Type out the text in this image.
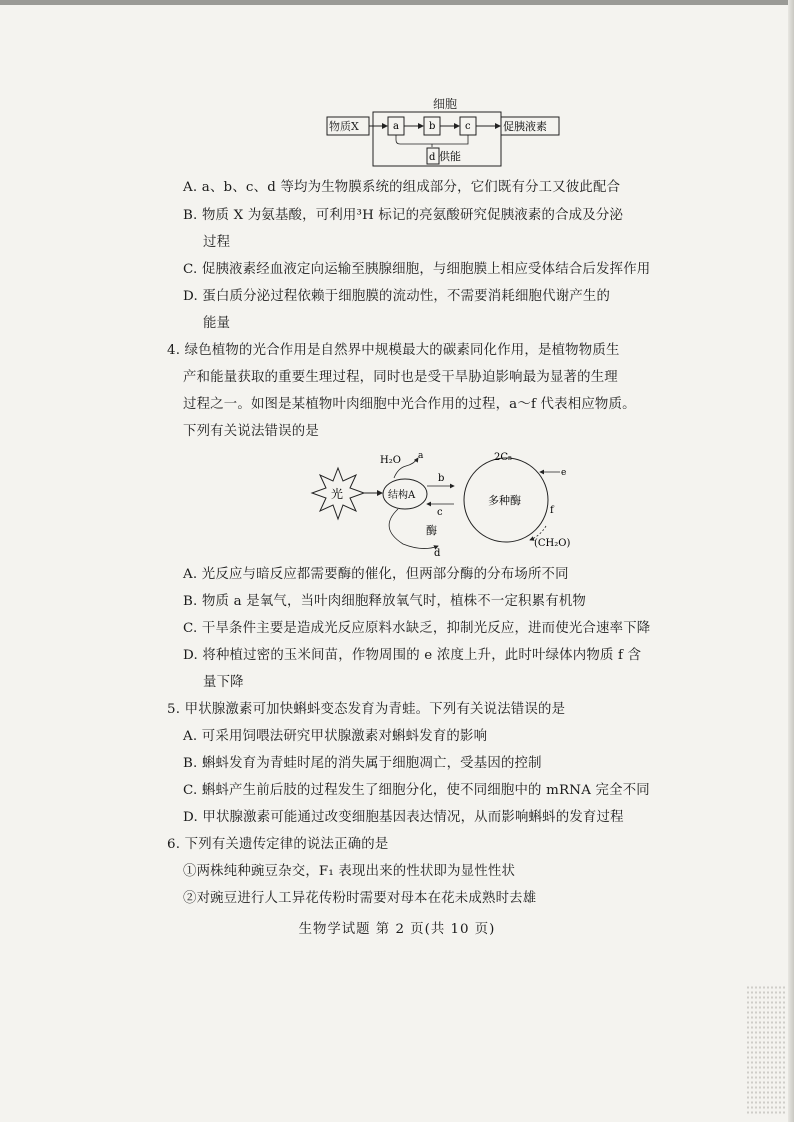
细胞
物质X	a	b	c	促胰液素
d 供能
A. a、b、c、d 等均为生物膜系统的组成部分，它们既有分工又彼此配合
B. 物质 X 为氨基酸，可利用³H 标记的亮氨酸研究促胰液素的合成及分泌
过程
C. 促胰液素经血液定向运输至胰腺细胞，与细胞膜上相应受体结合后发挥作用
D. 蛋白质分泌过程依赖于细胞膜的流动性，不需要消耗细胞代谢产生的
能量
4. 绿色植物的光合作用是自然界中规模最大的碳素同化作用，是植物物质生
产和能量获取的重要生理过程，同时也是受干旱胁迫影响最为显著的生理
过程之一。如图是某植物叶肉细胞中光合作用的过程，a～f 代表相应物质。
下列有关说法错误的是
光	结构A
H₂O a
b
c
酶
d
多种酶
2C₅
e
f
(CH₂O)
A. 光反应与暗反应都需要酶的催化，但两部分酶的分布场所不同
B. 物质 a 是氧气，当叶肉细胞释放氧气时，植株不一定积累有机物
C. 干旱条件主要是造成光反应原料水缺乏，抑制光反应，进而使光合速率下降
D. 将种植过密的玉米间苗，作物周围的 e 浓度上升，此时叶绿体内物质 f 含
量下降
5. 甲状腺激素可加快蝌蚪变态发育为青蛙。下列有关说法错误的是
A. 可采用饲喂法研究甲状腺激素对蝌蚪发育的影响
B. 蝌蚪发育为青蛙时尾的消失属于细胞凋亡，受基因的控制
C. 蝌蚪产生前后肢的过程发生了细胞分化，使不同细胞中的 mRNA 完全不同
D. 甲状腺激素可能通过改变细胞基因表达情况，从而影响蝌蚪的发育过程
6. 下列有关遗传定律的说法正确的是
①两株纯种豌豆杂交，F₁ 表现出来的性状即为显性性状
②对豌豆进行人工异花传粉时需要对母本在花未成熟时去雄
生物学试题 第 2 页(共 10 页)
